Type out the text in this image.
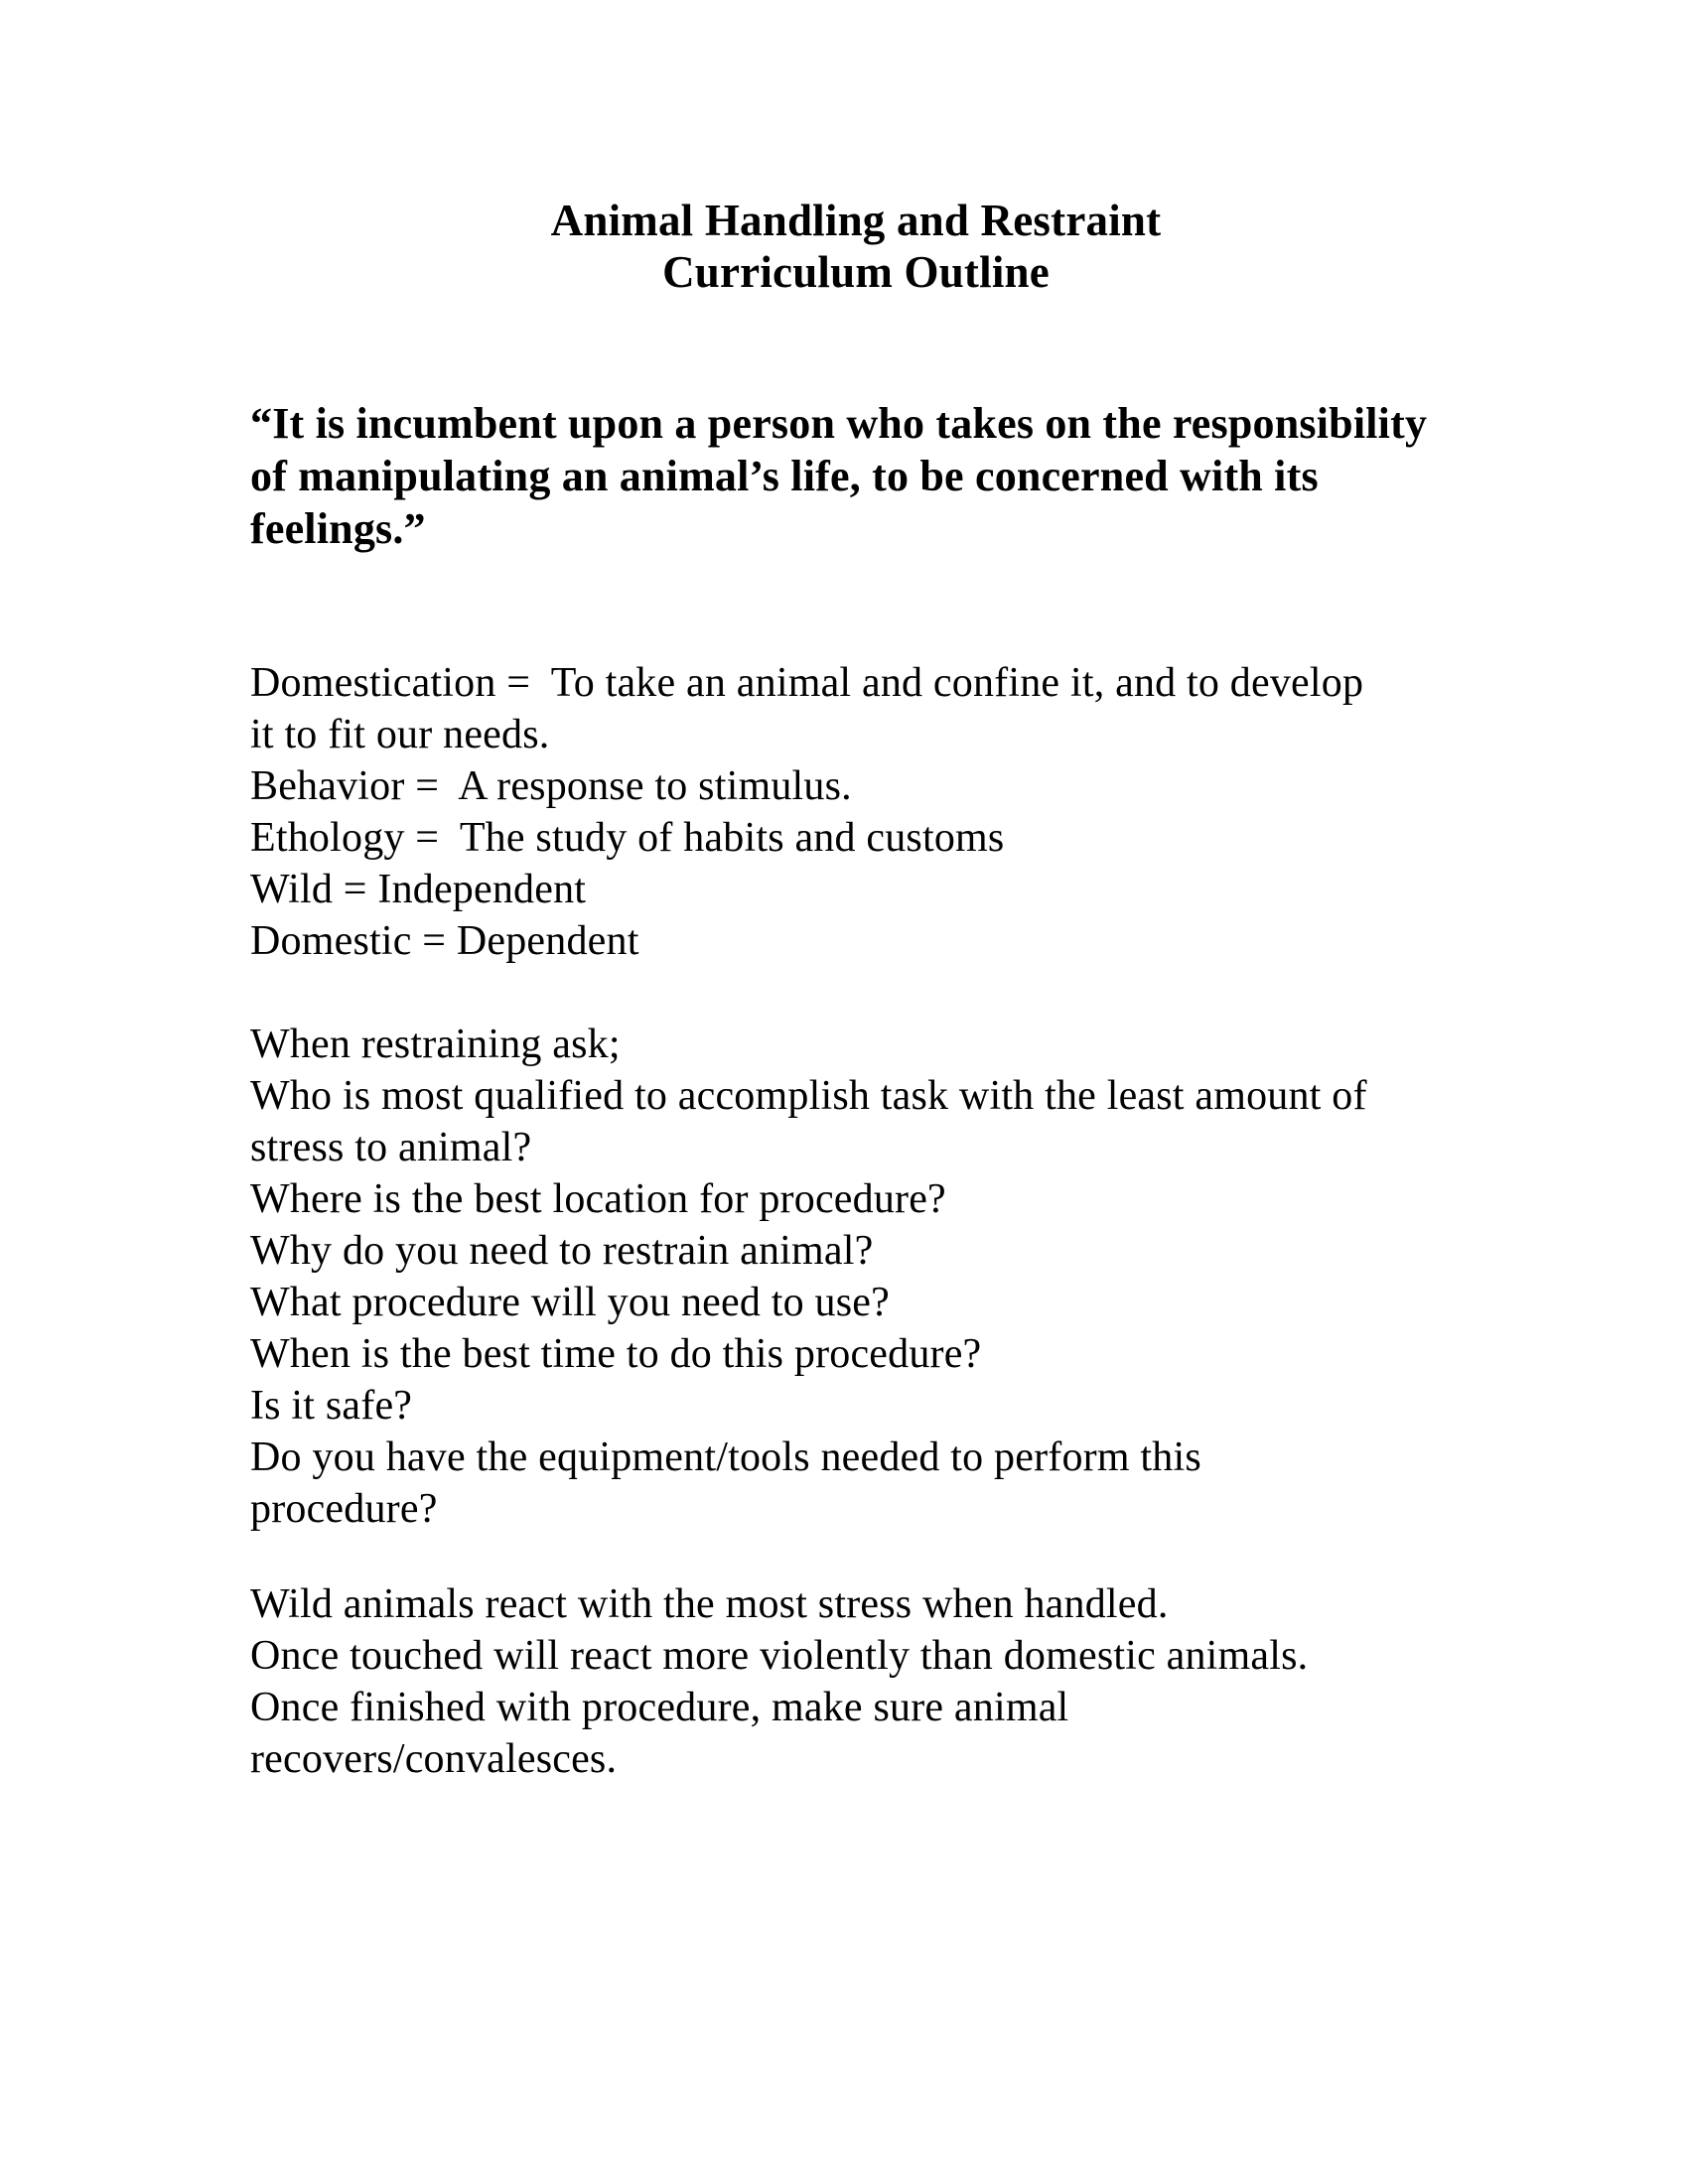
Animal Handling and Restraint
Curriculum Outline
“It is incumbent upon a person who takes on the responsibility
of manipulating an animal’s life, to be concerned with its
feelings.”
Domestication =  To take an animal and confine it, and to develop
it to fit our needs.
Behavior =  A response to stimulus.
Ethology =  The study of habits and customs
Wild = Independent
Domestic = Dependent
When restraining ask;
Who is most qualified to accomplish task with the least amount of
stress to animal?
Where is the best location for procedure?
Why do you need to restrain animal?
What procedure will you need to use?
When is the best time to do this procedure?
Is it safe?
Do you have the equipment/tools needed to perform this
procedure?
Wild animals react with the most stress when handled.
Once touched will react more violently than domestic animals.
Once finished with procedure, make sure animal
recovers/convalesces.
